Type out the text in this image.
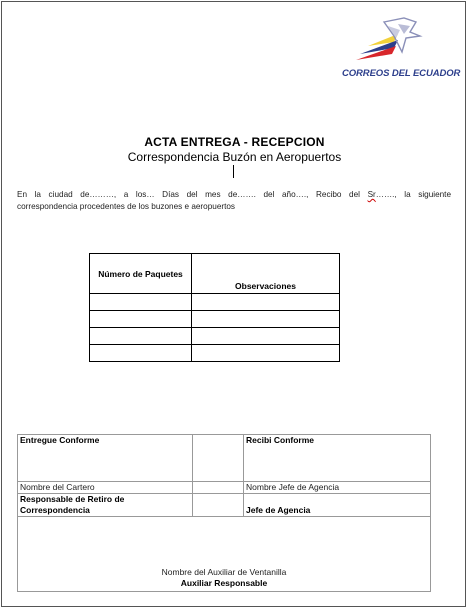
CORREOS DEL ECUADOR
ACTA ENTREGA - RECEPCION
Correspondencia Buzón en Aeropuertos
En la ciudad de………, a los… Días del mes de……. del año…., Recibo del Sr……., la siguiente
correspondencia procedentes de los buzones e aeropuertos
Número de Paquetes	Observaciones

Entregue Conforme		Recibi Conforme
Nombre del Cartero		Nombre Jefe de Agencia
Responsable de Retiro de Correspondencia		Jefe de Agencia

Nombre del Auxiliar de Ventanilla
Auxiliar Responsable		
